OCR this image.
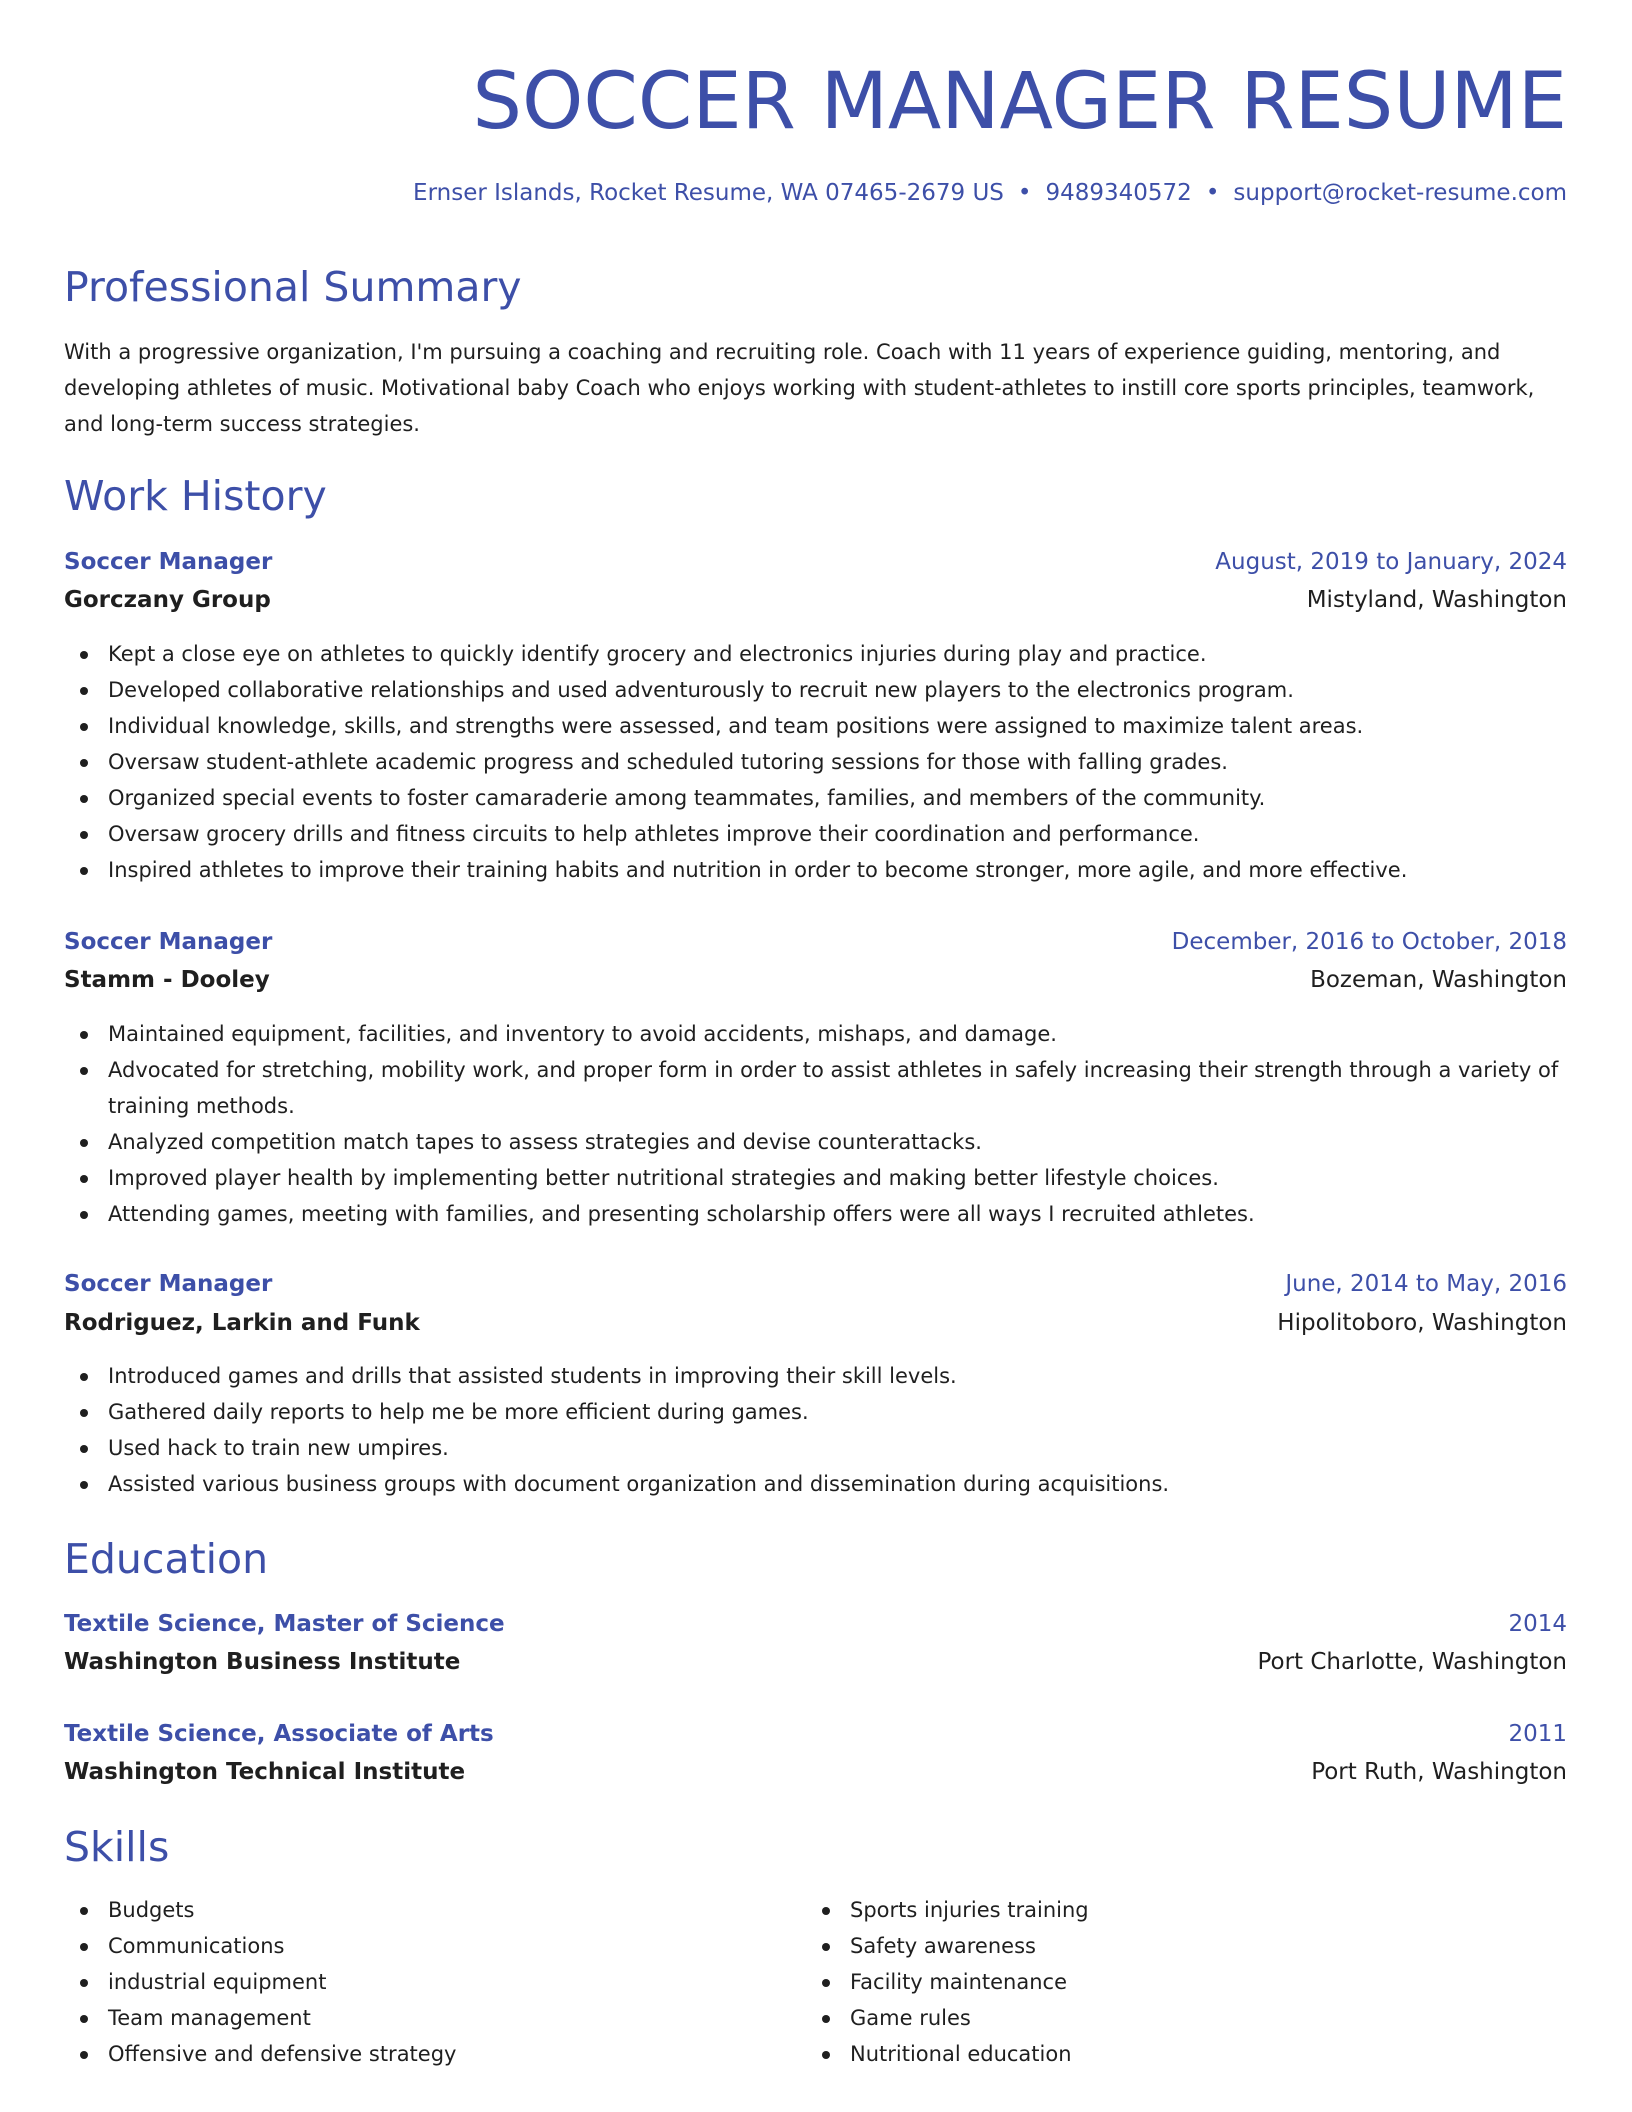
SOCCER MANAGER RESUME
Ernser Islands, Rocket Resume, WA 07465-2679 US • 9489340572 • support@rocket-resume.com
Professional Summary
With a progressive organization, I'm pursuing a coaching and recruiting role. Coach with 11 years of experience guiding, mentoring, and developing athletes of music. Motivational baby Coach who enjoys working with student-athletes to instill core sports principles, teamwork, and long-term success strategies.
Work History
Soccer Manager	August, 2019 to January, 2024
Gorczany Group	Mistyland, Washington
Kept a close eye on athletes to quickly identify grocery and electronics injuries during play and practice.
Developed collaborative relationships and used adventurously to recruit new players to the electronics program.
Individual knowledge, skills, and strengths were assessed, and team positions were assigned to maximize talent areas.
Oversaw student-athlete academic progress and scheduled tutoring sessions for those with falling grades.
Organized special events to foster camaraderie among teammates, families, and members of the community.
Oversaw grocery drills and fitness circuits to help athletes improve their coordination and performance.
Inspired athletes to improve their training habits and nutrition in order to become stronger, more agile, and more effective.
Soccer Manager	December, 2016 to October, 2018
Stamm - Dooley	Bozeman, Washington
Maintained equipment, facilities, and inventory to avoid accidents, mishaps, and damage.
Advocated for stretching, mobility work, and proper form in order to assist athletes in safely increasing their strength through a variety of training methods.
Analyzed competition match tapes to assess strategies and devise counterattacks.
Improved player health by implementing better nutritional strategies and making better lifestyle choices.
Attending games, meeting with families, and presenting scholarship offers were all ways I recruited athletes.
Soccer Manager	June, 2014 to May, 2016
Rodriguez, Larkin and Funk	Hipolitoboro, Washington
Introduced games and drills that assisted students in improving their skill levels.
Gathered daily reports to help me be more efficient during games.
Used hack to train new umpires.
Assisted various business groups with document organization and dissemination during acquisitions.
Education
Textile Science, Master of Science	2014
Washington Business Institute	Port Charlotte, Washington
Textile Science, Associate of Arts	2011
Washington Technical Institute	Port Ruth, Washington
Skills
Budgets
Communications
industrial equipment
Team management
Offensive and defensive strategy
Sports injuries training
Safety awareness
Facility maintenance
Game rules
Nutritional education
